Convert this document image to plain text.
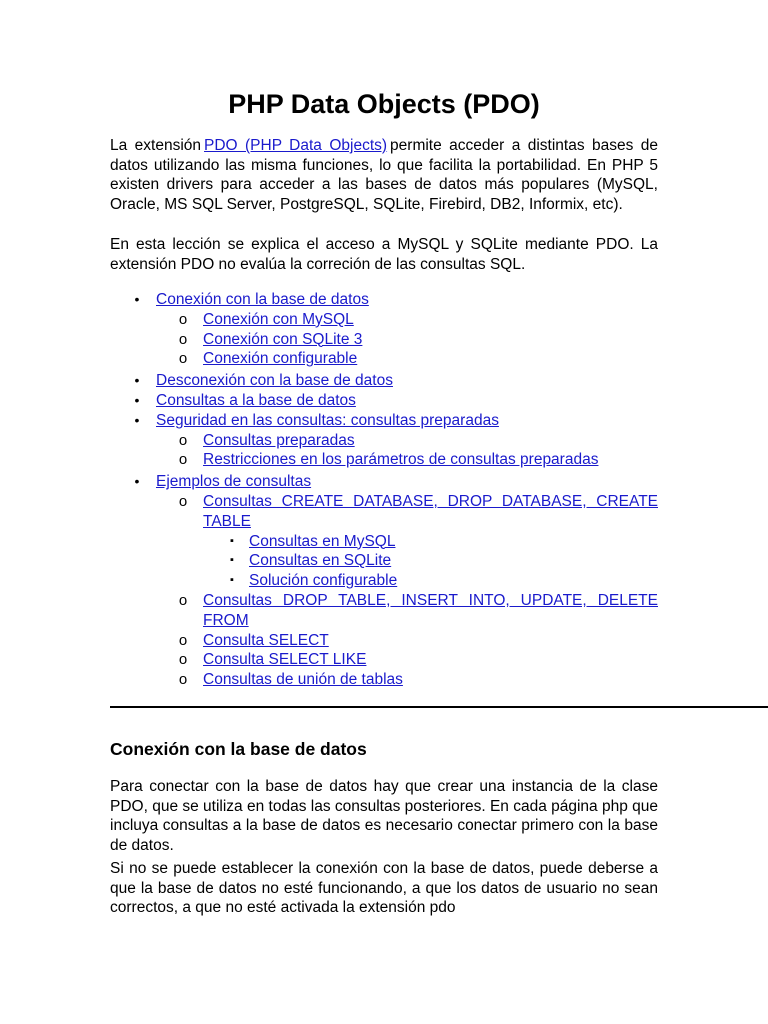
PHP Data Objects (PDO)

La extensión PDO (PHP Data Objects) permite acceder a distintas bases de datos utilizando las misma funciones, lo que facilita la portabilidad. En PHP 5 existen drivers para acceder a las bases de datos más populares (MySQL, Oracle, MS SQL Server, PostgreSQL, SQLite, Firebird, DB2, Informix, etc).

En esta lección se explica el acceso a MySQL y SQLite mediante PDO. La extensión PDO no evalúa la correción de las consultas SQL.

• Conexión con la base de datos
o Conexión con MySQL
o Conexión con SQLite 3
o Conexión configurable
• Desconexión con la base de datos
• Consultas a la base de datos
• Seguridad en las consultas: consultas preparadas
o Consultas preparadas
o Restricciones en los parámetros de consultas preparadas
• Ejemplos de consultas
o Consultas CREATE DATABASE, DROP DATABASE, CREATE TABLE
▪ Consultas en MySQL
▪ Consultas en SQLite
▪ Solución configurable
o Consultas DROP TABLE, INSERT INTO, UPDATE, DELETE FROM
o Consulta SELECT
o Consulta SELECT LIKE
o Consultas de unión de tablas
Conexión con la base de datos

Para conectar con la base de datos hay que crear una instancia de la clase PDO, que se utiliza en todas las consultas posteriores. En cada página php que incluya consultas a la base de datos es necesario conectar primero con la base de datos.

Si no se puede establecer la conexión con la base de datos, puede deberse a que la base de datos no esté funcionando, a que los datos de usuario no sean correctos, a que no esté activada la extensión pdo
